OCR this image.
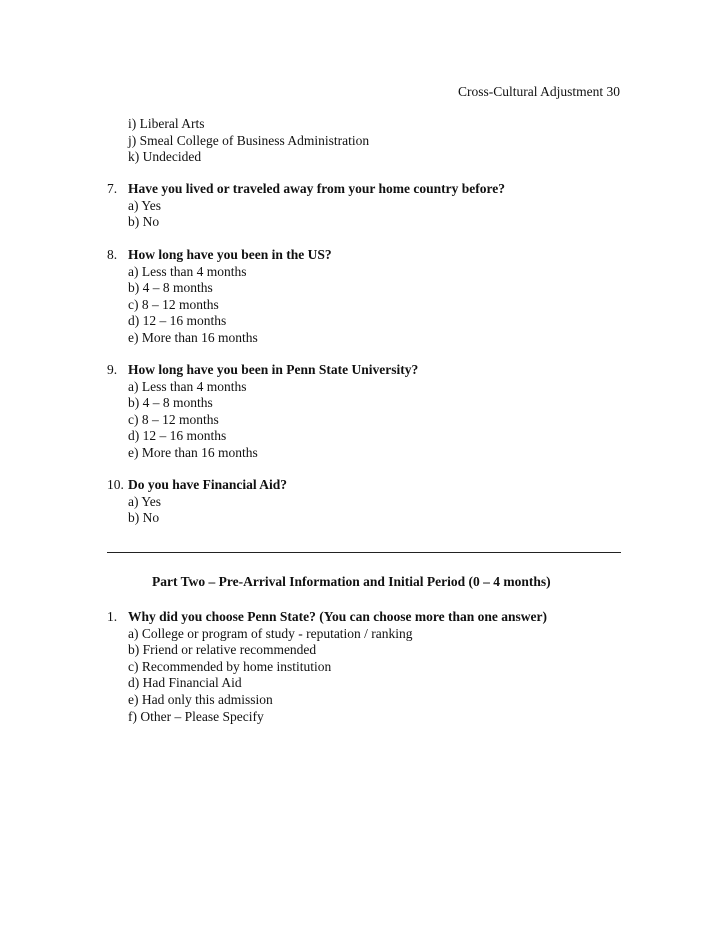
Cross-Cultural Adjustment 30
i) Liberal Arts
j) Smeal College of Business Administration
k) Undecided
7. Have you lived or traveled away from your home country before?
a) Yes
b) No
8. How long have you been in the US?
a) Less than 4 months
b) 4 – 8 months
c) 8 – 12 months
d) 12 – 16 months
e) More than 16 months
9. How long have you been in Penn State University?
a) Less than 4 months
b) 4 – 8 months
c) 8 – 12 months
d) 12 – 16 months
e) More than 16 months
10. Do you have Financial Aid?
a) Yes
b) No
Part Two – Pre-Arrival Information and Initial Period (0 – 4 months)
1. Why did you choose Penn State? (You can choose more than one answer)
a) College or program of study - reputation / ranking
b) Friend or relative recommended
c) Recommended by home institution
d) Had Financial Aid
e) Had only this admission
f) Other – Please Specify
